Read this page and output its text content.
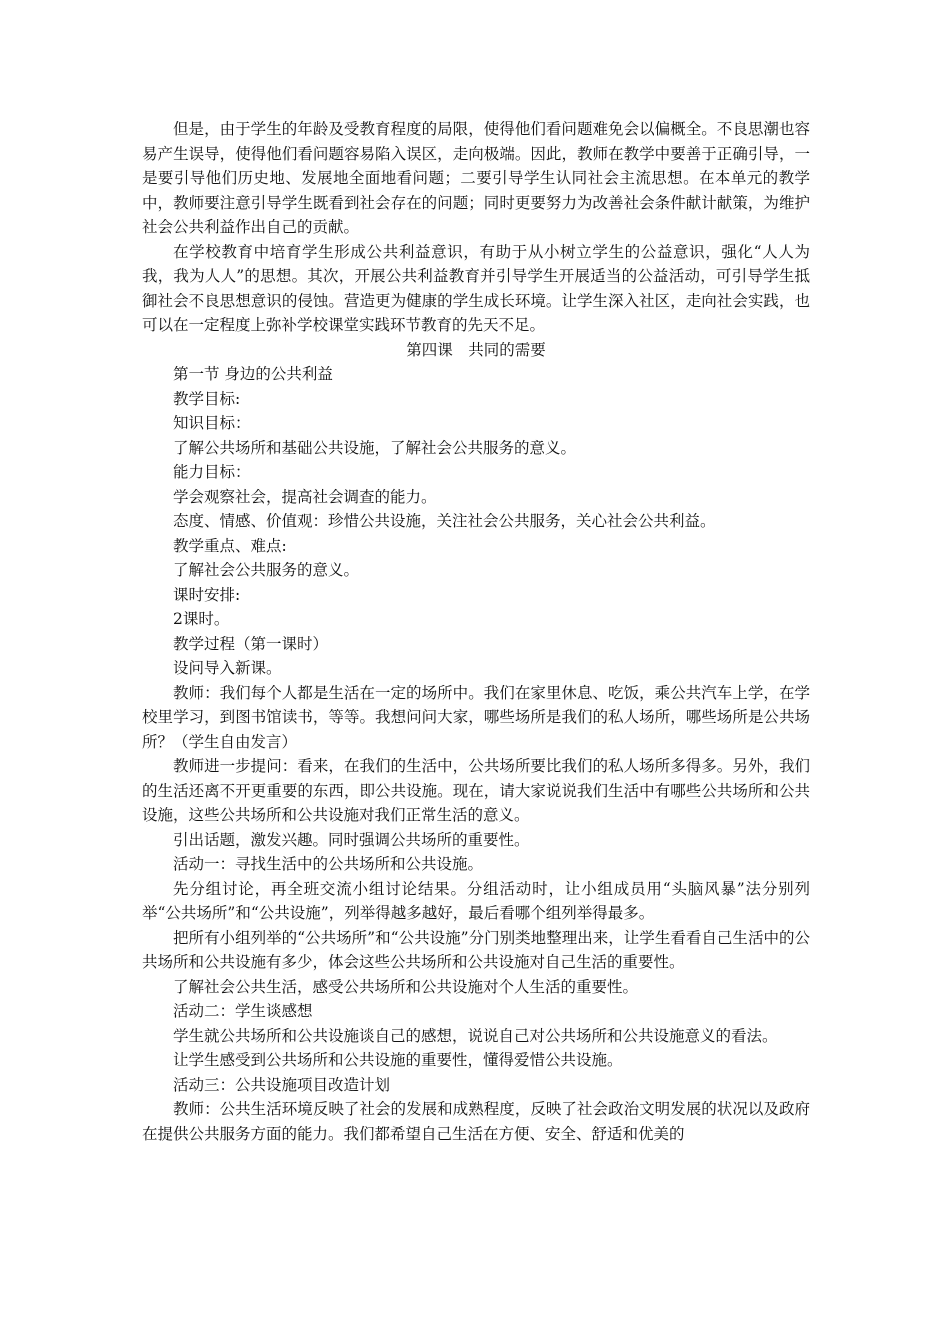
但是，由于学生的年龄及受教育程度的局限，使得他们看问题难免会以偏概全。不良思潮也容易产生误导，使得他们看问题容易陷入误区，走向极端。因此，教师在教学中要善于正确引导，一是要引导他们历史地、发展地全面地看问题；二要引导学生认同社会主流思想。在本单元的教学中，教师要注意引导学生既看到社会存在的问题；同时更要努力为改善社会条件献计献策，为维护社会公共利益作出自己的贡献。

在学校教育中培育学生形成公共利益意识，有助于从小树立学生的公益意识，强化“人人为我，我为人人”的思想。其次，开展公共利益教育并引导学生开展适当的公益活动，可引导学生抵御社会不良思想意识的侵蚀。营造更为健康的学生成长环境。让学生深入社区，走向社会实践，也可以在一定程度上弥补学校课堂实践环节教育的先天不足。

第四课　共同的需要

第一节 身边的公共利益

教学目标:

知识目标：

了解公共场所和基础公共设施，了解社会公共服务的意义。

能力目标：

学会观察社会，提高社会调查的能力。

态度、情感、价值观：珍惜公共设施，关注社会公共服务，关心社会公共利益。

教学重点、难点:

了解社会公共服务的意义。

课时安排:

2课时。

教学过程（第一课时）

设问导入新课。

教师：我们每个人都是生活在一定的场所中。我们在家里休息、吃饭，乘公共汽车上学，在学校里学习，到图书馆读书，等等。我想问问大家，哪些场所是我们的私人场所，哪些场所是公共场所？（学生自由发言）

教师进一步提问：看来，在我们的生活中，公共场所要比我们的私人场所多得多。另外，我们的生活还离不开更重要的东西，即公共设施。现在，请大家说说我们生活中有哪些公共场所和公共设施，这些公共场所和公共设施对我们正常生活的意义。

引出话题，激发兴趣。同时强调公共场所的重要性。

活动一：寻找生活中的公共场所和公共设施。

先分组讨论，再全班交流小组讨论结果。分组活动时，让小组成员用“头脑风暴”法分别列举“公共场所”和“公共设施”，列举得越多越好，最后看哪个组列举得最多。

把所有小组列举的“公共场所”和“公共设施”分门别类地整理出来，让学生看看自己生活中的公共场所和公共设施有多少，体会这些公共场所和公共设施对自己生活的重要性。

了解社会公共生活，感受公共场所和公共设施对个人生活的重要性。

活动二：学生谈感想

学生就公共场所和公共设施谈自己的感想，说说自己对公共场所和公共设施意义的看法。

让学生感受到公共场所和公共设施的重要性，懂得爱惜公共设施。

活动三：公共设施项目改造计划

教师：公共生活环境反映了社会的发展和成熟程度，反映了社会政治文明发展的状况以及政府在提供公共服务方面的能力。我们都希望自己生活在方便、安全、舒适和优美的
